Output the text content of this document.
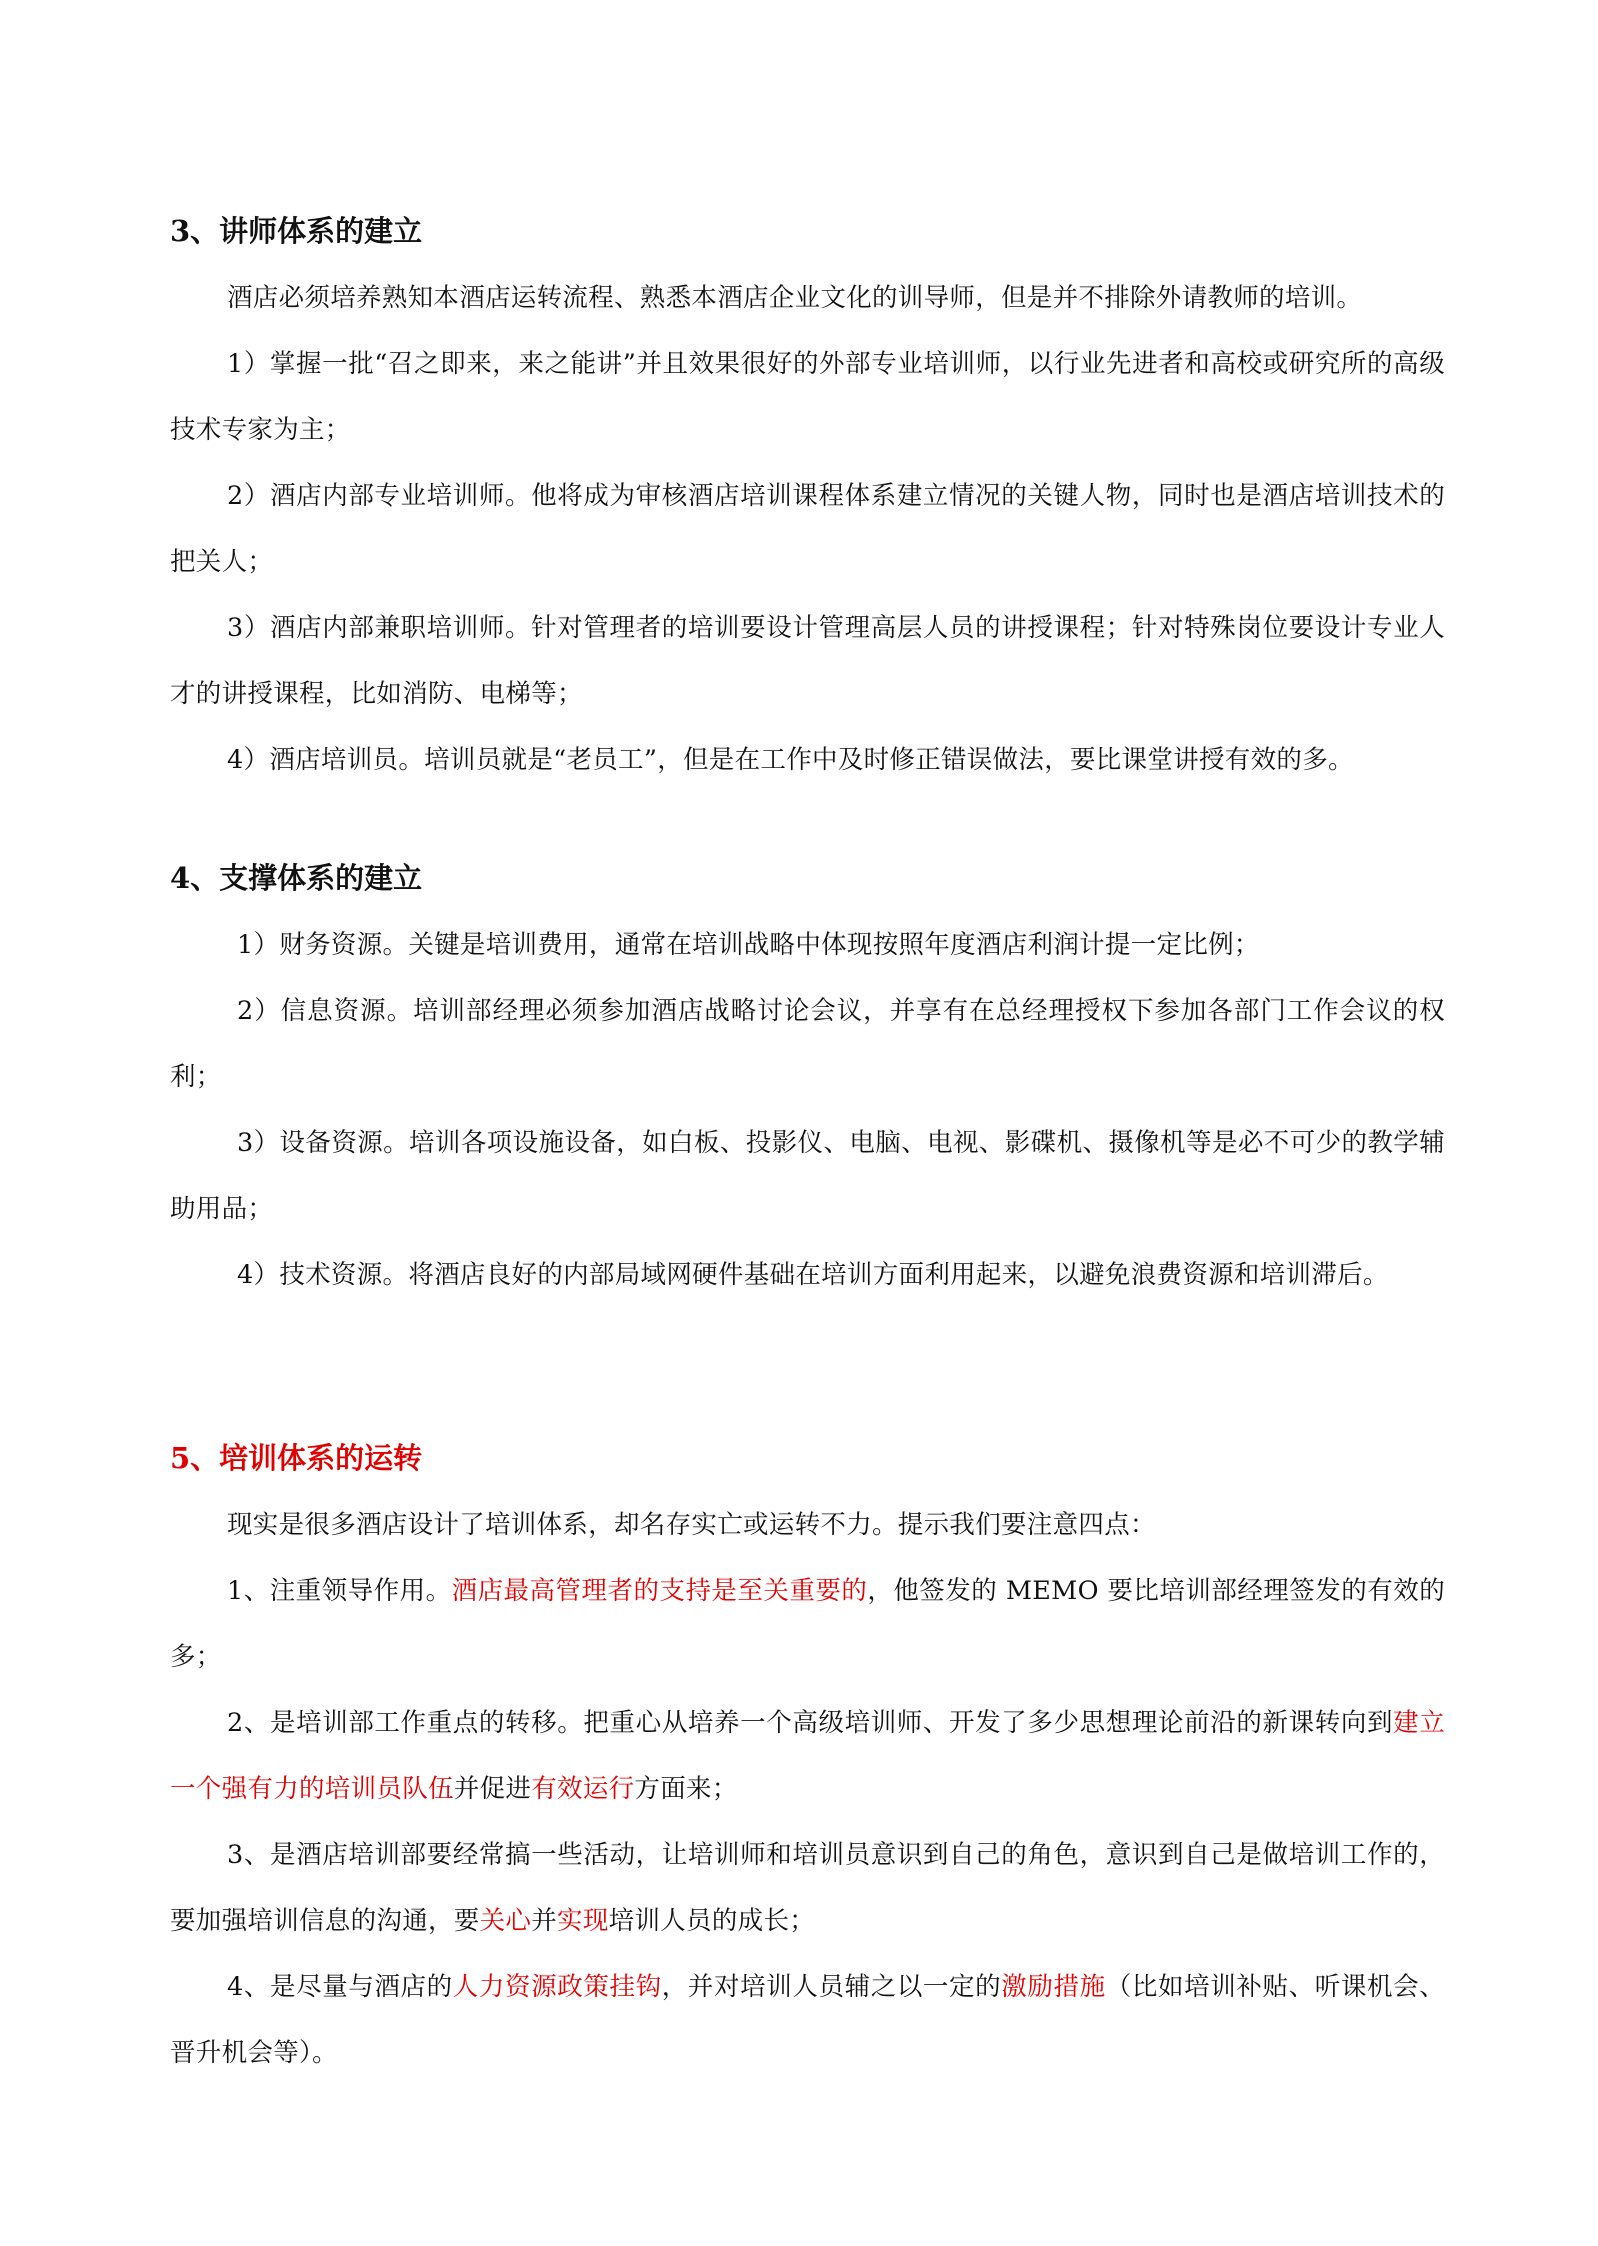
3、讲师体系的建立

酒店必须培养熟知本酒店运转流程、熟悉本酒店企业文化的训导师，但是并不排除外请教师的培训。

1）掌握一批“召之即来，来之能讲”并且效果很好的外部专业培训师，以行业先进者和高校或研究所的高级技术专家为主；

2）酒店内部专业培训师。他将成为审核酒店培训课程体系建立情况的关键人物，同时也是酒店培训技术的把关人；

3）酒店内部兼职培训师。针对管理者的培训要设计管理高层人员的讲授课程；针对特殊岗位要设计专业人才的讲授课程，比如消防、电梯等；

4）酒店培训员。培训员就是“老员工”，但是在工作中及时修正错误做法，要比课堂讲授有效的多。

4、支撑体系的建立

1）财务资源。关键是培训费用，通常在培训战略中体现按照年度酒店利润计提一定比例；

2）信息资源。培训部经理必须参加酒店战略讨论会议，并享有在总经理授权下参加各部门工作会议的权利；

3）设备资源。培训各项设施设备，如白板、投影仪、电脑、电视、影碟机、摄像机等是必不可少的教学辅助用品；

4）技术资源。将酒店良好的内部局域网硬件基础在培训方面利用起来，以避免浪费资源和培训滞后。

5、培训体系的运转

现实是很多酒店设计了培训体系，却名存实亡或运转不力。提示我们要注意四点：

1、注重领导作用。酒店最高管理者的支持是至关重要的，他签发的 MEMO 要比培训部经理签发的有效的多；

2、是培训部工作重点的转移。把重心从培养一个高级培训师、开发了多少思想理论前沿的新课转向到建立一个强有力的培训员队伍并促进有效运行方面来；

3、是酒店培训部要经常搞一些活动，让培训师和培训员意识到自己的角色，意识到自己是做培训工作的，要加强培训信息的沟通，要关心并实现培训人员的成长；

4、是尽量与酒店的人力资源政策挂钩，并对培训人员辅之以一定的激励措施（比如培训补贴、听课机会、晋升机会等）。
